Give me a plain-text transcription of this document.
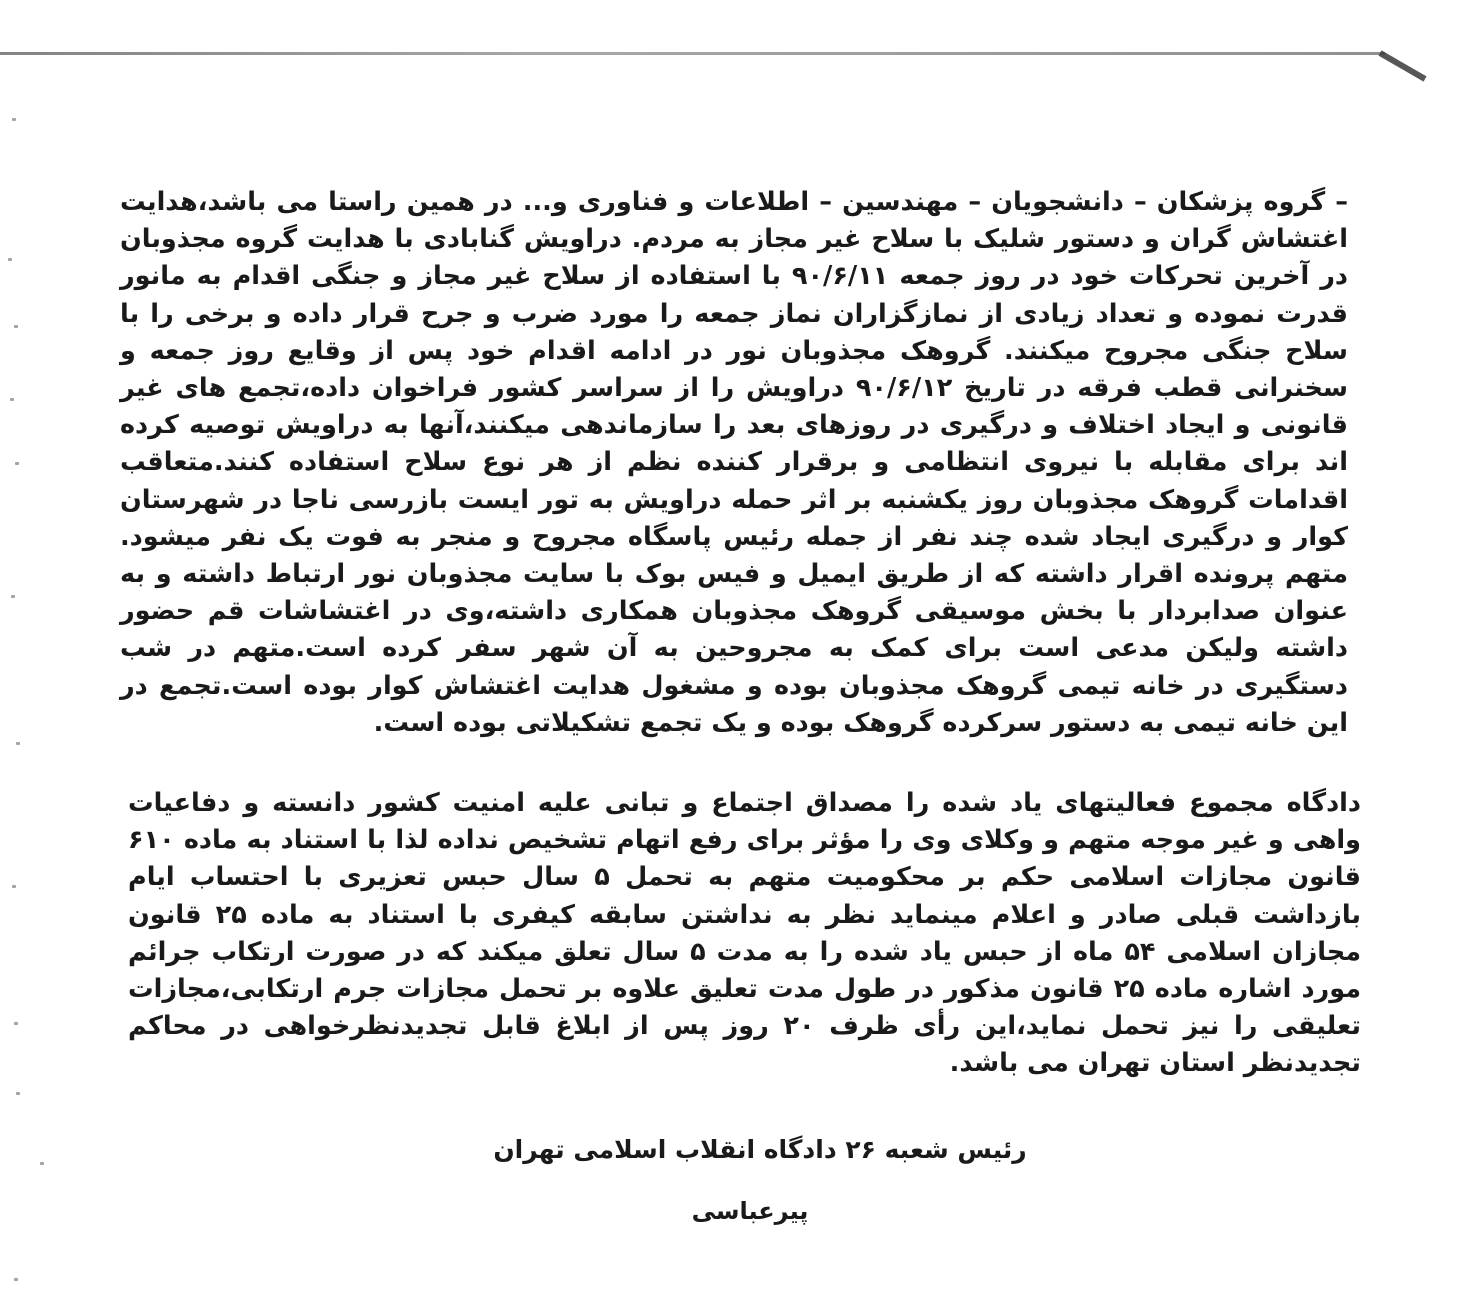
– گروه پزشکان – دانشجویان – مهندسین – اطلاعات و فناوری و... در همین راستا می باشد،هدایت اغتشاش گران و دستور شلیک با سلاح غیر مجاز به مردم. دراویش گنابادی با هدایت گروه مجذوبان در آخرین تحرکات خود در روز جمعه ۹۰/۶/۱۱ با استفاده از سلاح غیر مجاز و جنگی اقدام به مانور قدرت نموده و تعداد زیادی از نمازگزاران نماز جمعه را مورد ضرب و جرح قرار داده و برخی را با سلاح جنگی مجروح میکنند. گروهک مجذوبان نور در ادامه اقدام خود پس از وقایع روز جمعه و سخنرانی قطب فرقه در تاریخ ۹۰/۶/۱۲ دراویش را از سراسر کشور فراخوان داده،تجمع های غیر قانونی و ایجاد اختلاف و درگیری در روزهای بعد را سازماندهی میکنند،آنها به دراویش توصیه کرده اند برای مقابله با نیروی انتظامی و برقرار کننده نظم از هر نوع سلاح استفاده کنند.متعاقب اقدامات گروهک مجذوبان روز یکشنبه بر اثر حمله دراویش به تور ایست بازرسی ناجا در شهرستان کوار و درگیری ایجاد شده چند نفر از جمله رئیس پاسگاه مجروح و منجر به فوت یک نفر میشود. متهم پرونده اقرار داشته که از طریق ایمیل و فیس بوک با سایت مجذوبان نور ارتباط داشته و به عنوان صدابردار با بخش موسیقی گروهک مجذوبان همکاری داشته،وی در اغتشاشات قم حضور داشته ولیکن مدعی است برای کمک به مجروحین به آن شهر سفر کرده است.متهم در شب دستگیری در خانه تیمی گروهک مجذوبان بوده و مشغول هدایت اغتشاش کوار بوده است.تجمع در این خانه تیمی به دستور سرکرده گروهک بوده و یک تجمع تشکیلاتی بوده است.

دادگاه مجموع فعالیتهای یاد شده را مصداق اجتماع و تبانی علیه امنیت کشور دانسته و دفاعیات واهی و غیر موجه متهم و وکلای وی را مؤثر برای رفع اتهام تشخیص نداده لذا با استناد به ماده ۶۱۰ قانون مجازات اسلامی حکم بر محکومیت متهم به تحمل ۵ سال حبس تعزیری با احتساب ایام بازداشت قبلی صادر و اعلام مینماید نظر به نداشتن سابقه کیفری با استناد به ماده ۲۵ قانون مجازان اسلامی ۵۴ ماه از حبس یاد شده را به مدت ۵ سال تعلق میکند که در صورت ارتکاب جرائم مورد اشاره ماده ۲۵ قانون مذکور در طول مدت تعلیق علاوه بر تحمل مجازات جرم ارتکابی،مجازات تعلیقی را نیز تحمل نماید،این رأی ظرف ۲۰ روز پس از ابلاغ قابل تجدیدنظرخواهی در محاکم تجدیدنظر استان تهران می باشد.

رئیس شعبه ۲۶ دادگاه انقلاب اسلامی تهران

پیرعباسی
